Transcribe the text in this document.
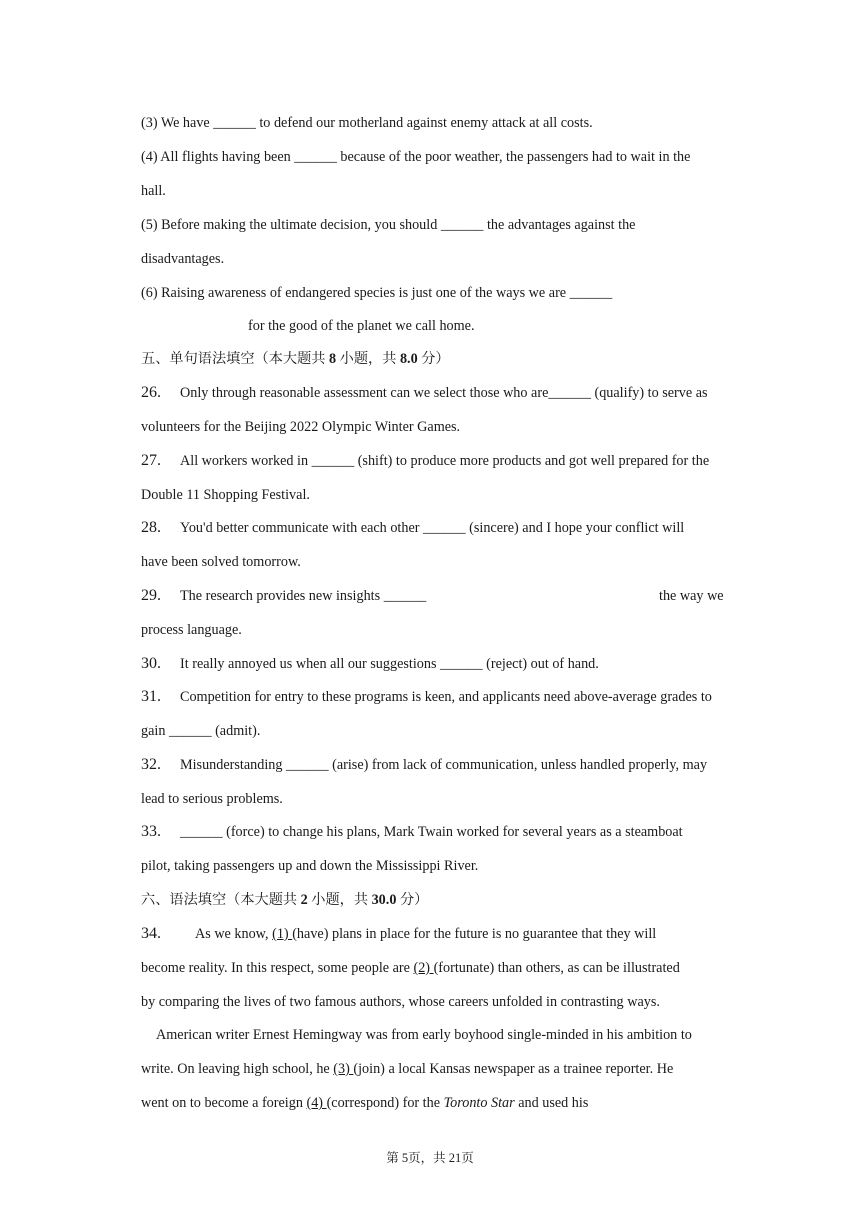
(3) We have ______ to defend our motherland against enemy attack at all costs.
(4) All flights having been ______ because of the poor weather, the passengers had to wait in the
hall.
(5) Before making the ultimate decision, you should ______ the advantages against the
disadvantages.
(6) Raising awareness of endangered species is just one of the ways we are ______
for the good of the planet we call home.
五、单句语法填空（本大题共 8 小题，共 8.0 分）
26. Only through reasonable assessment can we select those who are______ (qualify) to serve as
volunteers for the Beijing 2022 Olympic Winter Games.
27. All workers worked in ______ (shift) to produce more products and got well prepared for the
Double 11 Shopping Festival.
28. You'd better communicate with each other ______ (sincere) and I hope your conflict will
have been solved tomorrow.
29. The research provides new insights ______	the way we
process language.
30. It really annoyed us when all our suggestions ______ (reject) out of hand.
31. Competition for entry to these programs is keen, and applicants need above-average grades to
gain ______ (admit).
32. Misunderstanding ______ (arise) from lack of communication, unless handled properly, may
lead to serious problems.
33. ______ (force) to change his plans, Mark Twain worked for several years as a steamboat
pilot, taking passengers up and down the Mississippi River.
六、语法填空（本大题共 2 小题，共 30.0 分）
34. As we know, (1) (have) plans in place for the future is no guarantee that they will
become reality. In this respect, some people are (2) (fortunate) than others, as can be illustrated
by comparing the lives of two famous authors, whose careers unfolded in contrasting ways.
American writer Ernest Hemingway was from early boyhood single-minded in his ambition to
write. On leaving high school, he (3) (join) a local Kansas newspaper as a trainee reporter. He
went on to become a foreign (4) (correspond) for the Toronto Star and used his
第 5页，共 21页
